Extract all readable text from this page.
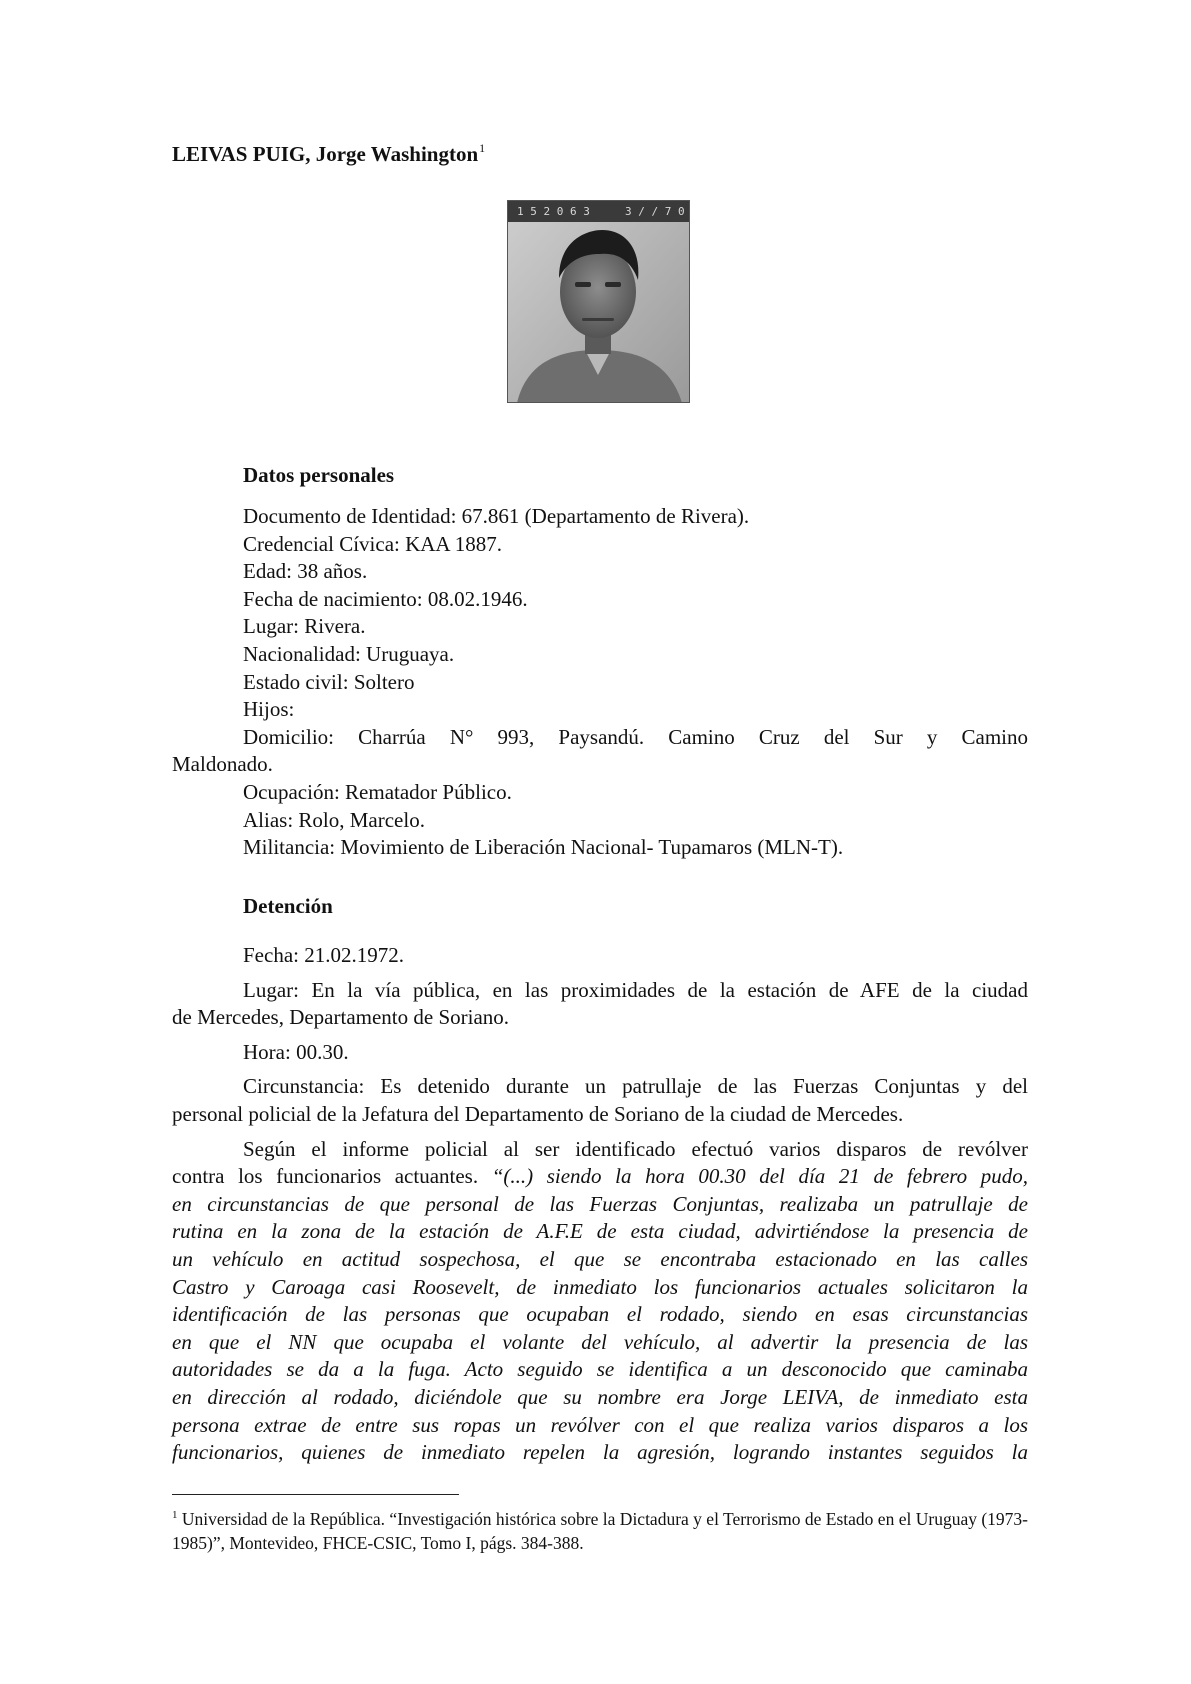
LEIVAS PUIG, Jorge Washington$^1$
1 5 2 0 6 3	3 / / 7 0
Datos personales

Documento de Identidad: 67.861 (Departamento de Rivera).

Credencial Cívica: KAA 1887.

Edad: 38 años.

Fecha de nacimiento: 08.02.1946.

Lugar: Rivera.

Nacionalidad: Uruguaya.

Estado civil: Soltero

Hijos:

Domicilio: Charrúa N° 993, Paysandú. Camino Cruz del Sur y Camino

Maldonado.

Ocupación: Rematador Público.

Alias: Rolo, Marcelo.

Militancia: Movimiento de Liberación Nacional- Tupamaros (MLN-T).

Detención

Fecha: 21.02.1972.

Lugar: En la vía pública, en las proximidades de la estación de AFE de la ciudad

de Mercedes, Departamento de Soriano.

Hora: 00.30.

Circunstancia: Es detenido durante un patrullaje de las Fuerzas Conjuntas y del

personal policial de la Jefatura del Departamento de Soriano de la ciudad de Mercedes.

Según el informe policial al ser identificado efectuó varios disparos de revólver

contra los funcionarios actuantes. “(...) siendo la hora 00.30 del día 21 de febrero pudo,

en circunstancias de que personal de las Fuerzas Conjuntas, realizaba un patrullaje de

rutina en la zona de la estación de A.F.E de esta ciudad, advirtiéndose la presencia de

un vehículo en actitud sospechosa, el que se encontraba estacionado en las calles

Castro y Caroaga casi Roosevelt, de inmediato los funcionarios actuales solicitaron la

identificación de las personas que ocupaban el rodado, siendo en esas circunstancias

en que el NN que ocupaba el volante del vehículo, al advertir la presencia de las

autoridades se da a la fuga. Acto seguido se identifica a un desconocido que caminaba

en dirección al rodado, diciéndole que su nombre era Jorge LEIVA, de inmediato esta

persona extrae de entre sus ropas un revólver con el que realiza varios disparos a los

funcionarios, quienes de inmediato repelen la agresión, logrando instantes seguidos la

$^1$ Universidad de la República. “Investigación histórica sobre la Dictadura y el Terrorismo de Estado en el Uruguay (1973-1985)”, Montevideo, FHCE-CSIC, Tomo I, págs. 384-388.
